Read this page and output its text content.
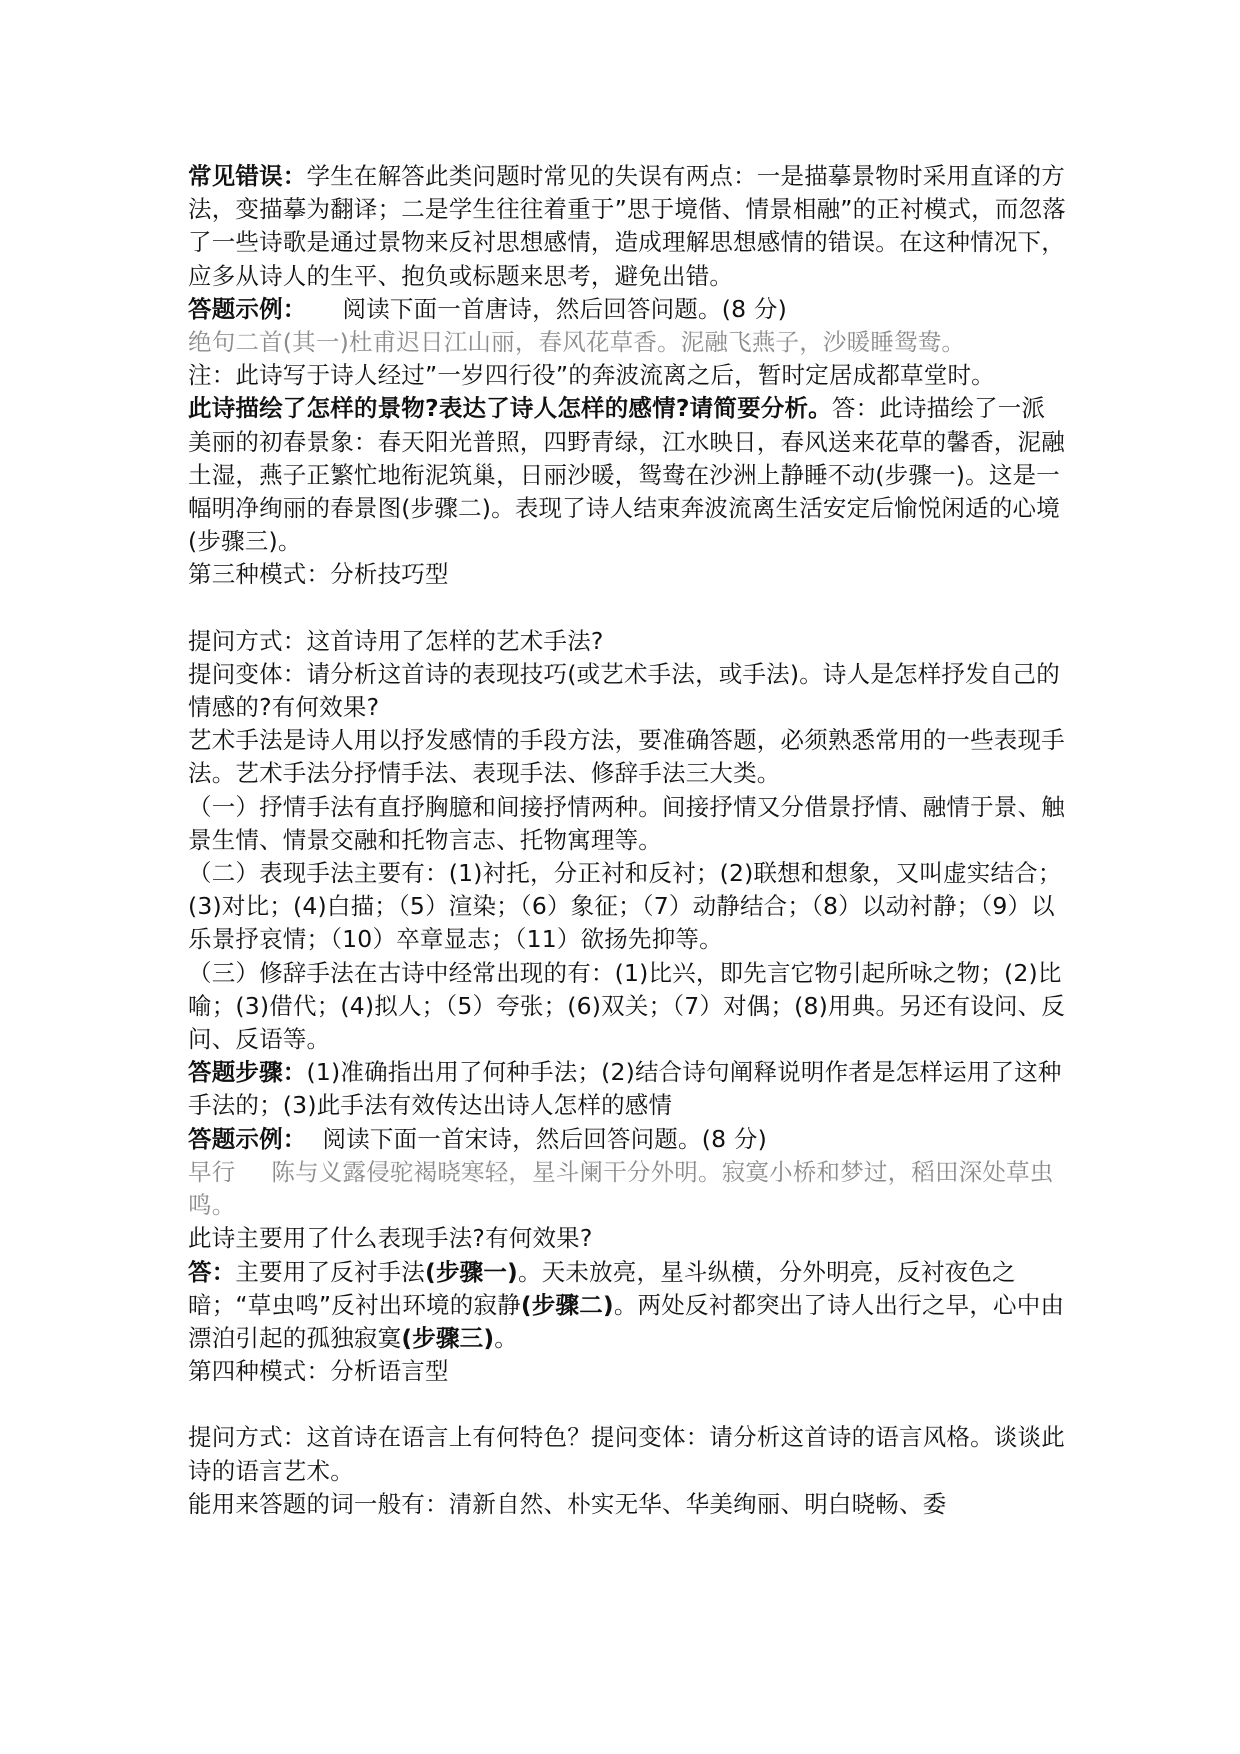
常见错误：学生在解答此类问题时常见的失误有两点：一是描摹景物时采用直译的方法，变描摹为翻译；二是学生往往着重于”思于境偕、情景相融”的正衬模式，而忽落了一些诗歌是通过景物来反衬思想感情，造成理解思想感情的错误。在这种情况下，应多从诗人的生平、抱负或标题来思考，避免出错。

答题示例： 阅读下面一首唐诗，然后回答问题。(8 分)

绝句二首(其一)杜甫迟日江山丽，春风花草香。泥融飞燕子，沙暖睡鸳鸯。

注：此诗写于诗人经过”一岁四行役”的奔波流离之后，暂时定居成都草堂时。

此诗描绘了怎样的景物?表达了诗人怎样的感情?请简要分析。答：此诗描绘了一派美丽的初春景象：春天阳光普照，四野青绿，江水映日，春风送来花草的馨香，泥融土湿，燕子正繁忙地衔泥筑巢，日丽沙暖，鸳鸯在沙洲上静睡不动(步骤一)。这是一幅明净绚丽的春景图(步骤二)。表现了诗人结束奔波流离生活安定后愉悦闲适的心境(步骤三)。

第三种模式：分析技巧型

提问方式：这首诗用了怎样的艺术手法?

提问变体：请分析这首诗的表现技巧(或艺术手法，或手法)。诗人是怎样抒发自己的情感的?有何效果?

艺术手法是诗人用以抒发感情的手段方法，要准确答题，必须熟悉常用的一些表现手法。艺术手法分抒情手法、表现手法、修辞手法三大类。

（一）抒情手法有直抒胸臆和间接抒情两种。间接抒情又分借景抒情、融情于景、触景生情、情景交融和托物言志、托物寓理等。

（二）表现手法主要有：(1)衬托，分正衬和反衬；(2)联想和想象，又叫虚实结合；(3)对比；(4)白描；（5）渲染；（6）象征；（7）动静结合；（8）以动衬静；（9）以乐景抒哀情；（10）卒章显志；（11）欲扬先抑等。

（三）修辞手法在古诗中经常出现的有：(1)比兴，即先言它物引起所咏之物；(2)比喻；(3)借代；(4)拟人；（5）夸张；(6)双关；（7）对偶；(8)用典。另还有设问、反问、反语等。

答题步骤：(1)准确指出用了何种手法；(2)结合诗句阐释说明作者是怎样运用了这种手法的；(3)此手法有效传达出诗人怎样的感情

答题示例： 阅读下面一首宋诗，然后回答问题。(8 分)

早行 陈与义露侵驼褐晓寒轻，星斗阑干分外明。寂寞小桥和梦过，稻田深处草虫鸣。

此诗主要用了什么表现手法?有何效果?

答：主要用了反衬手法(步骤一)。天未放亮，星斗纵横，分外明亮，反衬夜色之暗；“草虫鸣”反衬出环境的寂静(步骤二)。两处反衬都突出了诗人出行之早，心中由漂泊引起的孤独寂寞(步骤三)。

第四种模式：分析语言型

提问方式：这首诗在语言上有何特色？提问变体：请分析这首诗的语言风格。谈谈此诗的语言艺术。

能用来答题的词一般有：清新自然、朴实无华、华美绚丽、明白晓畅、委
